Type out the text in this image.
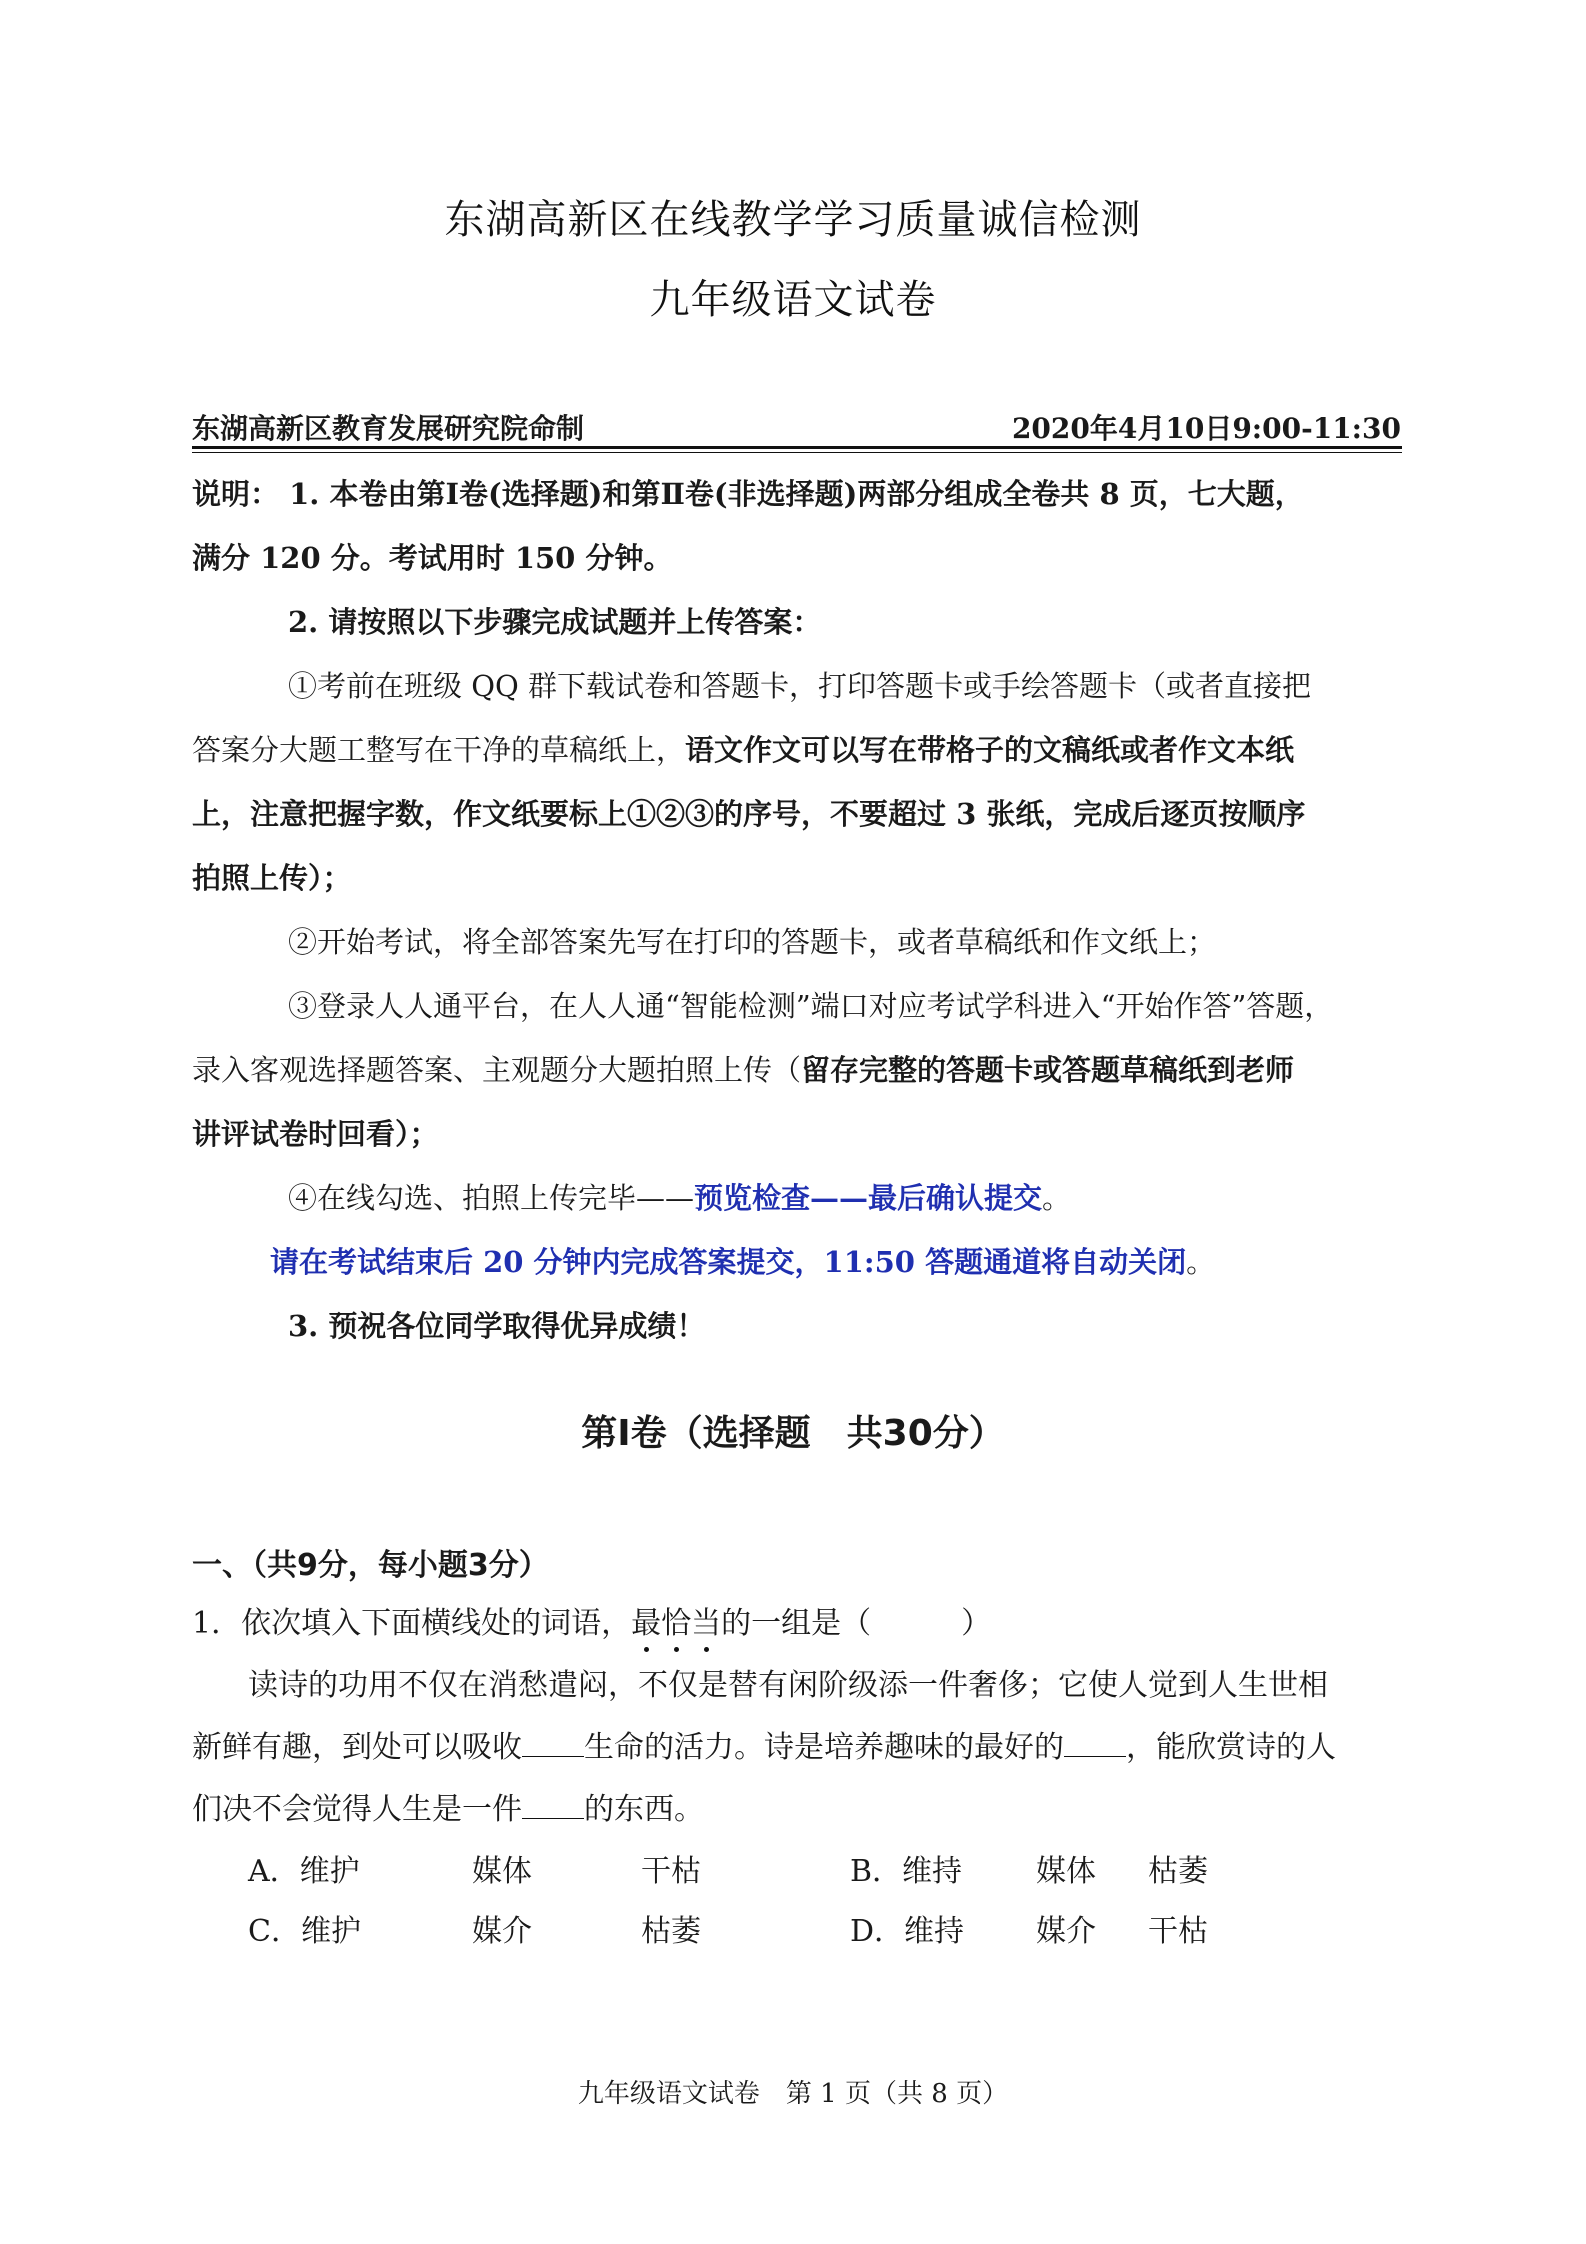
东湖高新区在线教学学习质量诚信检测
九年级语文试卷
东湖高新区教育发展研究院命制	2020年4月10日9:00-11:30
说明： 1. 本卷由第Ⅰ卷(选择题)和第Ⅱ卷(非选择题)两部分组成全卷共 8 页，七大题，
满分 120 分。考试用时 150 分钟。
2. 请按照以下步骤完成试题并上传答案：
①考前在班级 QQ 群下载试卷和答题卡，打印答题卡或手绘答题卡（或者直接把
答案分大题工整写在干净的草稿纸上，语文作文可以写在带格子的文稿纸或者作文本纸
上，注意把握字数，作文纸要标上①②③的序号，不要超过 3 张纸，完成后逐页按顺序
拍照上传）；
②开始考试，将全部答案先写在打印的答题卡，或者草稿纸和作文纸上；
③登录人人通平台，在人人通“智能检测”端口对应考试学科进入“开始作答”答题，
录入客观选择题答案、主观题分大题拍照上传（留存完整的答题卡或答题草稿纸到老师
讲评试卷时回看）；
④在线勾选、拍照上传完毕——预览检查——最后确认提交。
请在考试结束后 20 分钟内完成答案提交，11:50 答题通道将自动关闭。
3. 预祝各位同学取得优异成绩！
第Ⅰ卷（选择题　共30分）
一、（共9分，每小题3分）
1．依次填入下面横线处的词语，最恰当的一组是（　　　）
读诗的功用不仅在消愁遣闷，不仅是替有闲阶级添一件奢侈；它使人觉到人生世相
新鲜有趣，到处可以吸收 生命的活力。诗是培养趣味的最好的 ，能欣赏诗的人
们决不会觉得人生是一件 的东西。
A．维护	媒体	干枯	B．维持 媒体 枯萎
C．维护	媒介	枯萎	D．维持 媒介 干枯
九年级语文试卷　第 1 页（共 8 页）
